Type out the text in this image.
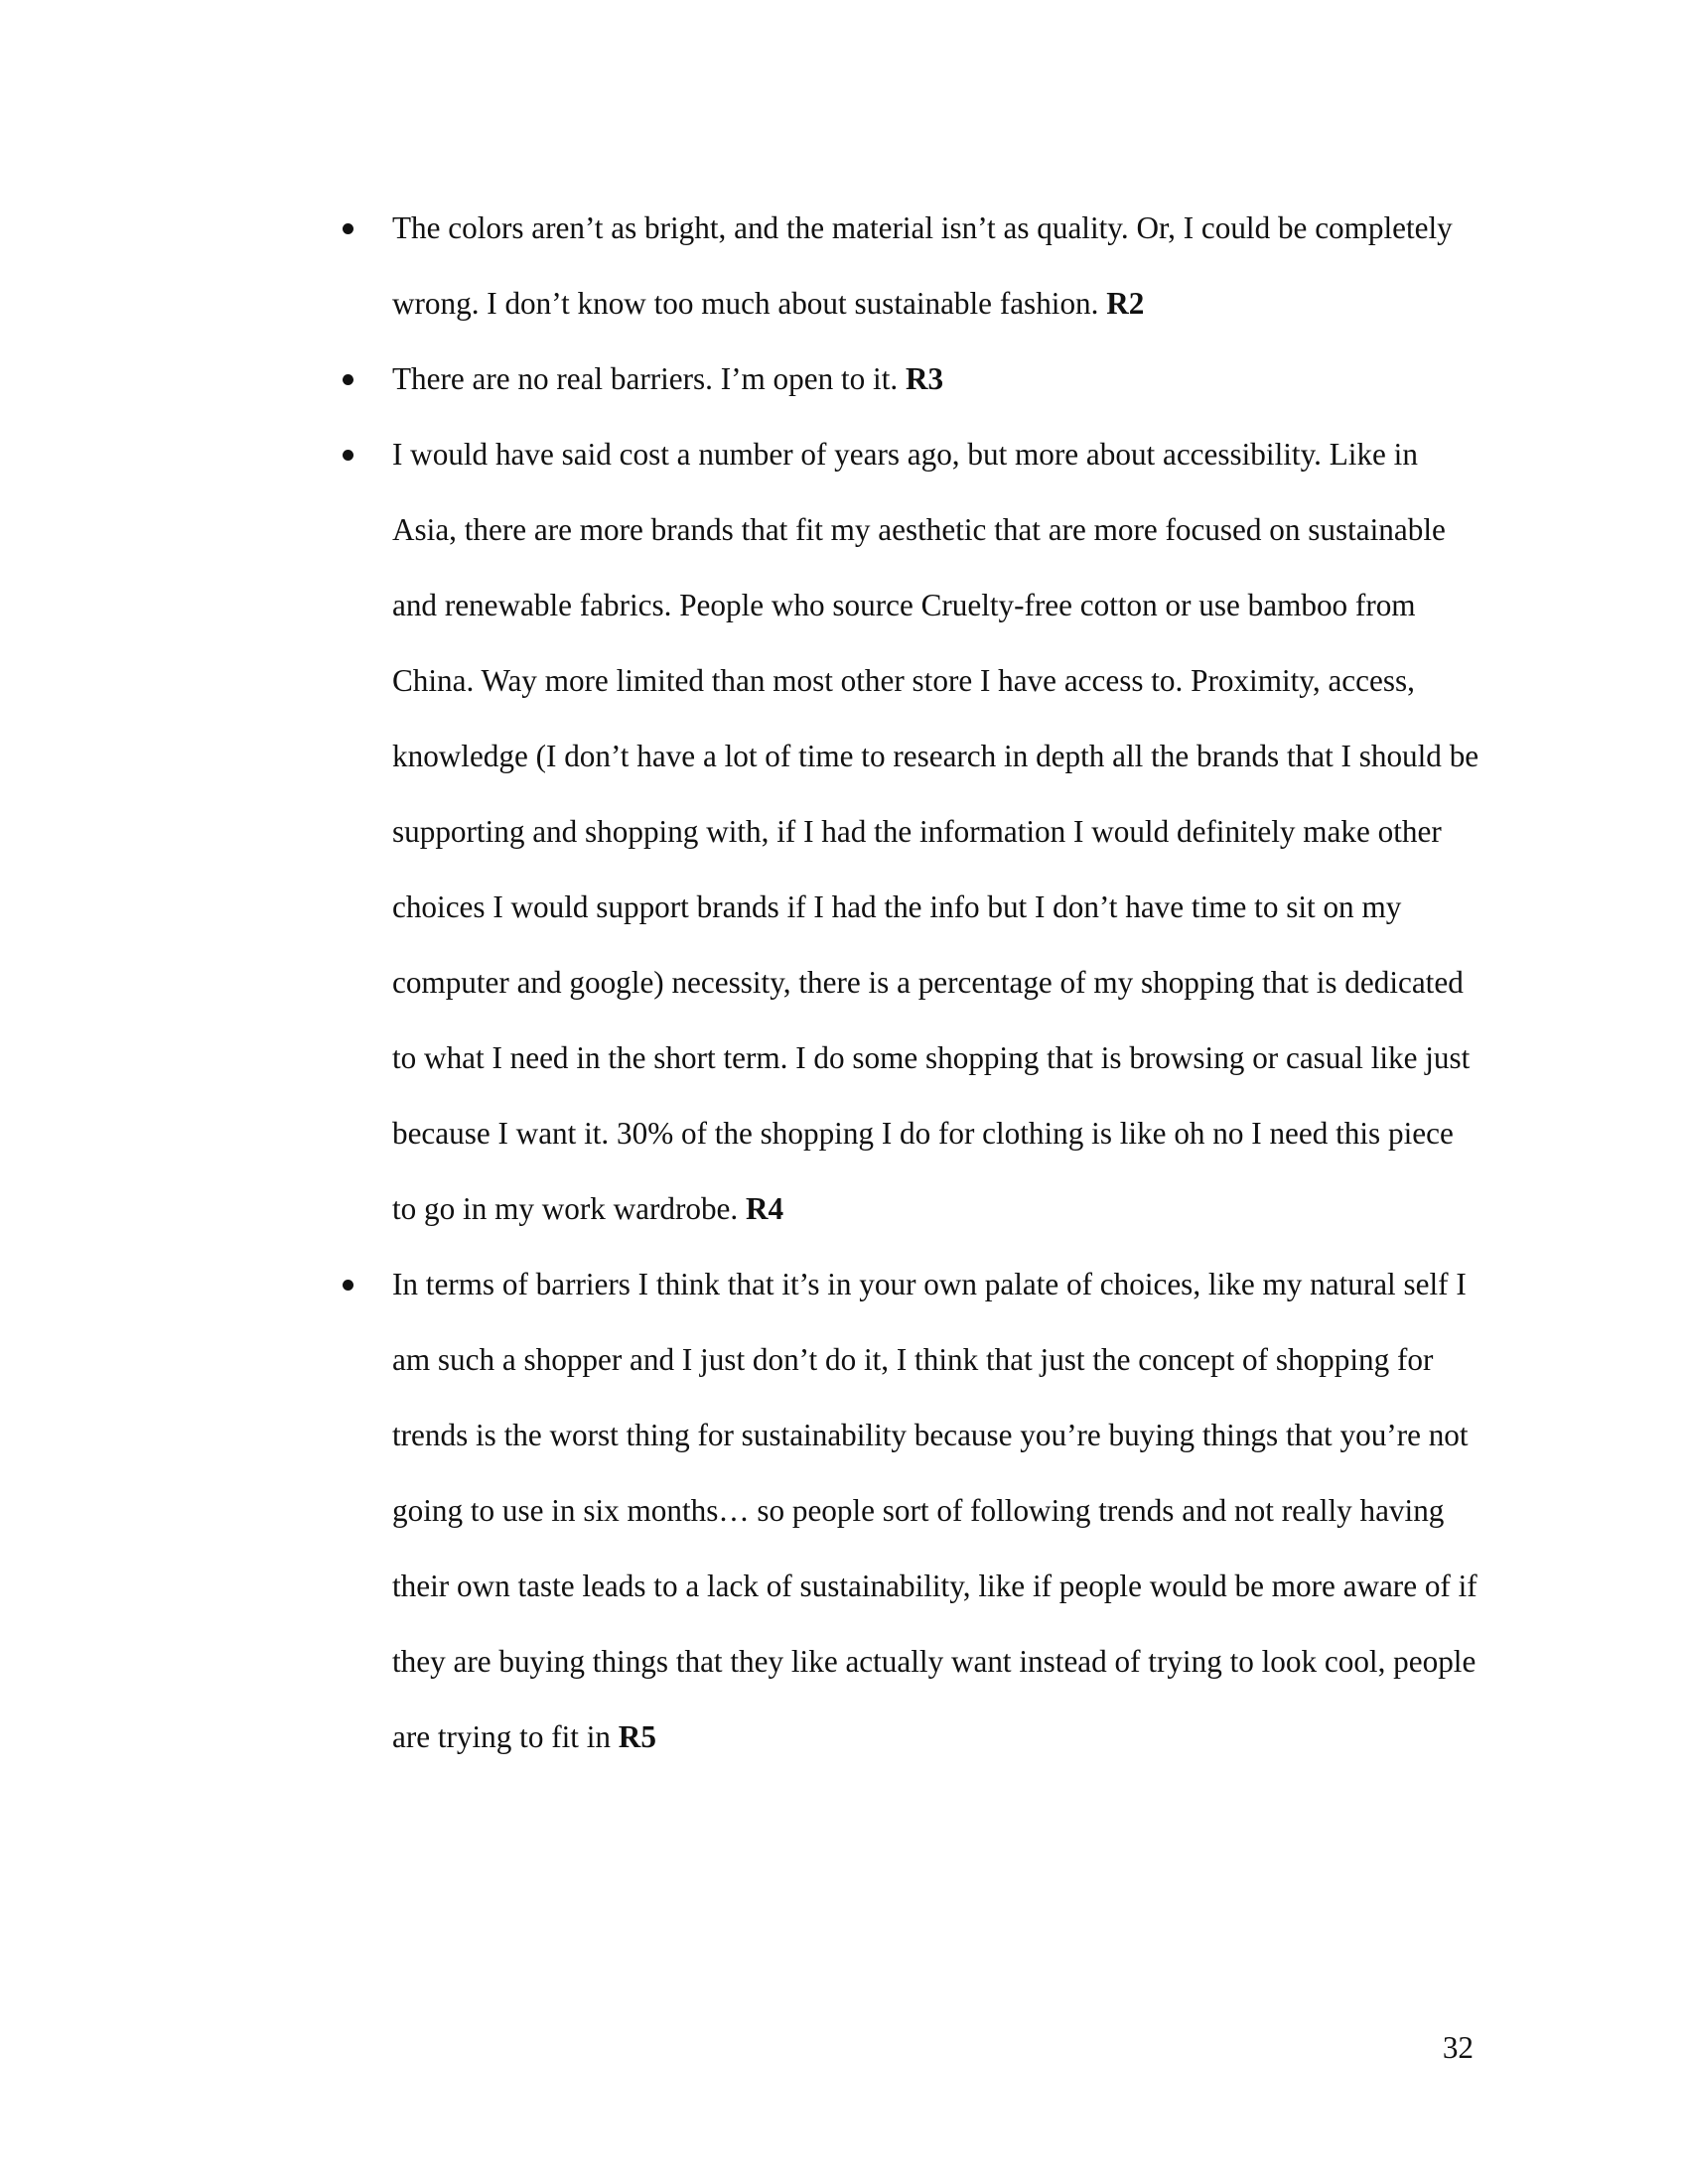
The colors aren’t as bright, and the material isn’t as quality. Or, I could be completely wrong. I don’t know too much about sustainable fashion. R2
There are no real barriers. I’m open to it. R3
I would have said cost a number of years ago, but more about accessibility. Like in Asia, there are more brands that fit my aesthetic that are more focused on sustainable and renewable fabrics. People who source Cruelty-free cotton or use bamboo from China. Way more limited than most other store I have access to. Proximity, access, knowledge (I don’t have a lot of time to research in depth all the brands that I should be supporting and shopping with, if I had the information I would definitely make other choices I would support brands if I had the info but I don’t have time to sit on my computer and google) necessity, there is a percentage of my shopping that is dedicated to what I need in the short term. I do some shopping that is browsing or casual like just because I want it. 30% of the shopping I do for clothing is like oh no I need this piece to go in my work wardrobe. R4
In terms of barriers I think that it’s in your own palate of choices, like my natural self I am such a shopper and I just don’t do it, I think that just the concept of shopping for trends is the worst thing for sustainability because you’re buying things that you’re not going to use in six months… so people sort of following trends and not really having their own taste leads to a lack of sustainability, like if people would be more aware of if they are buying things that they like actually want instead of trying to look cool, people are trying to fit in R5
32
